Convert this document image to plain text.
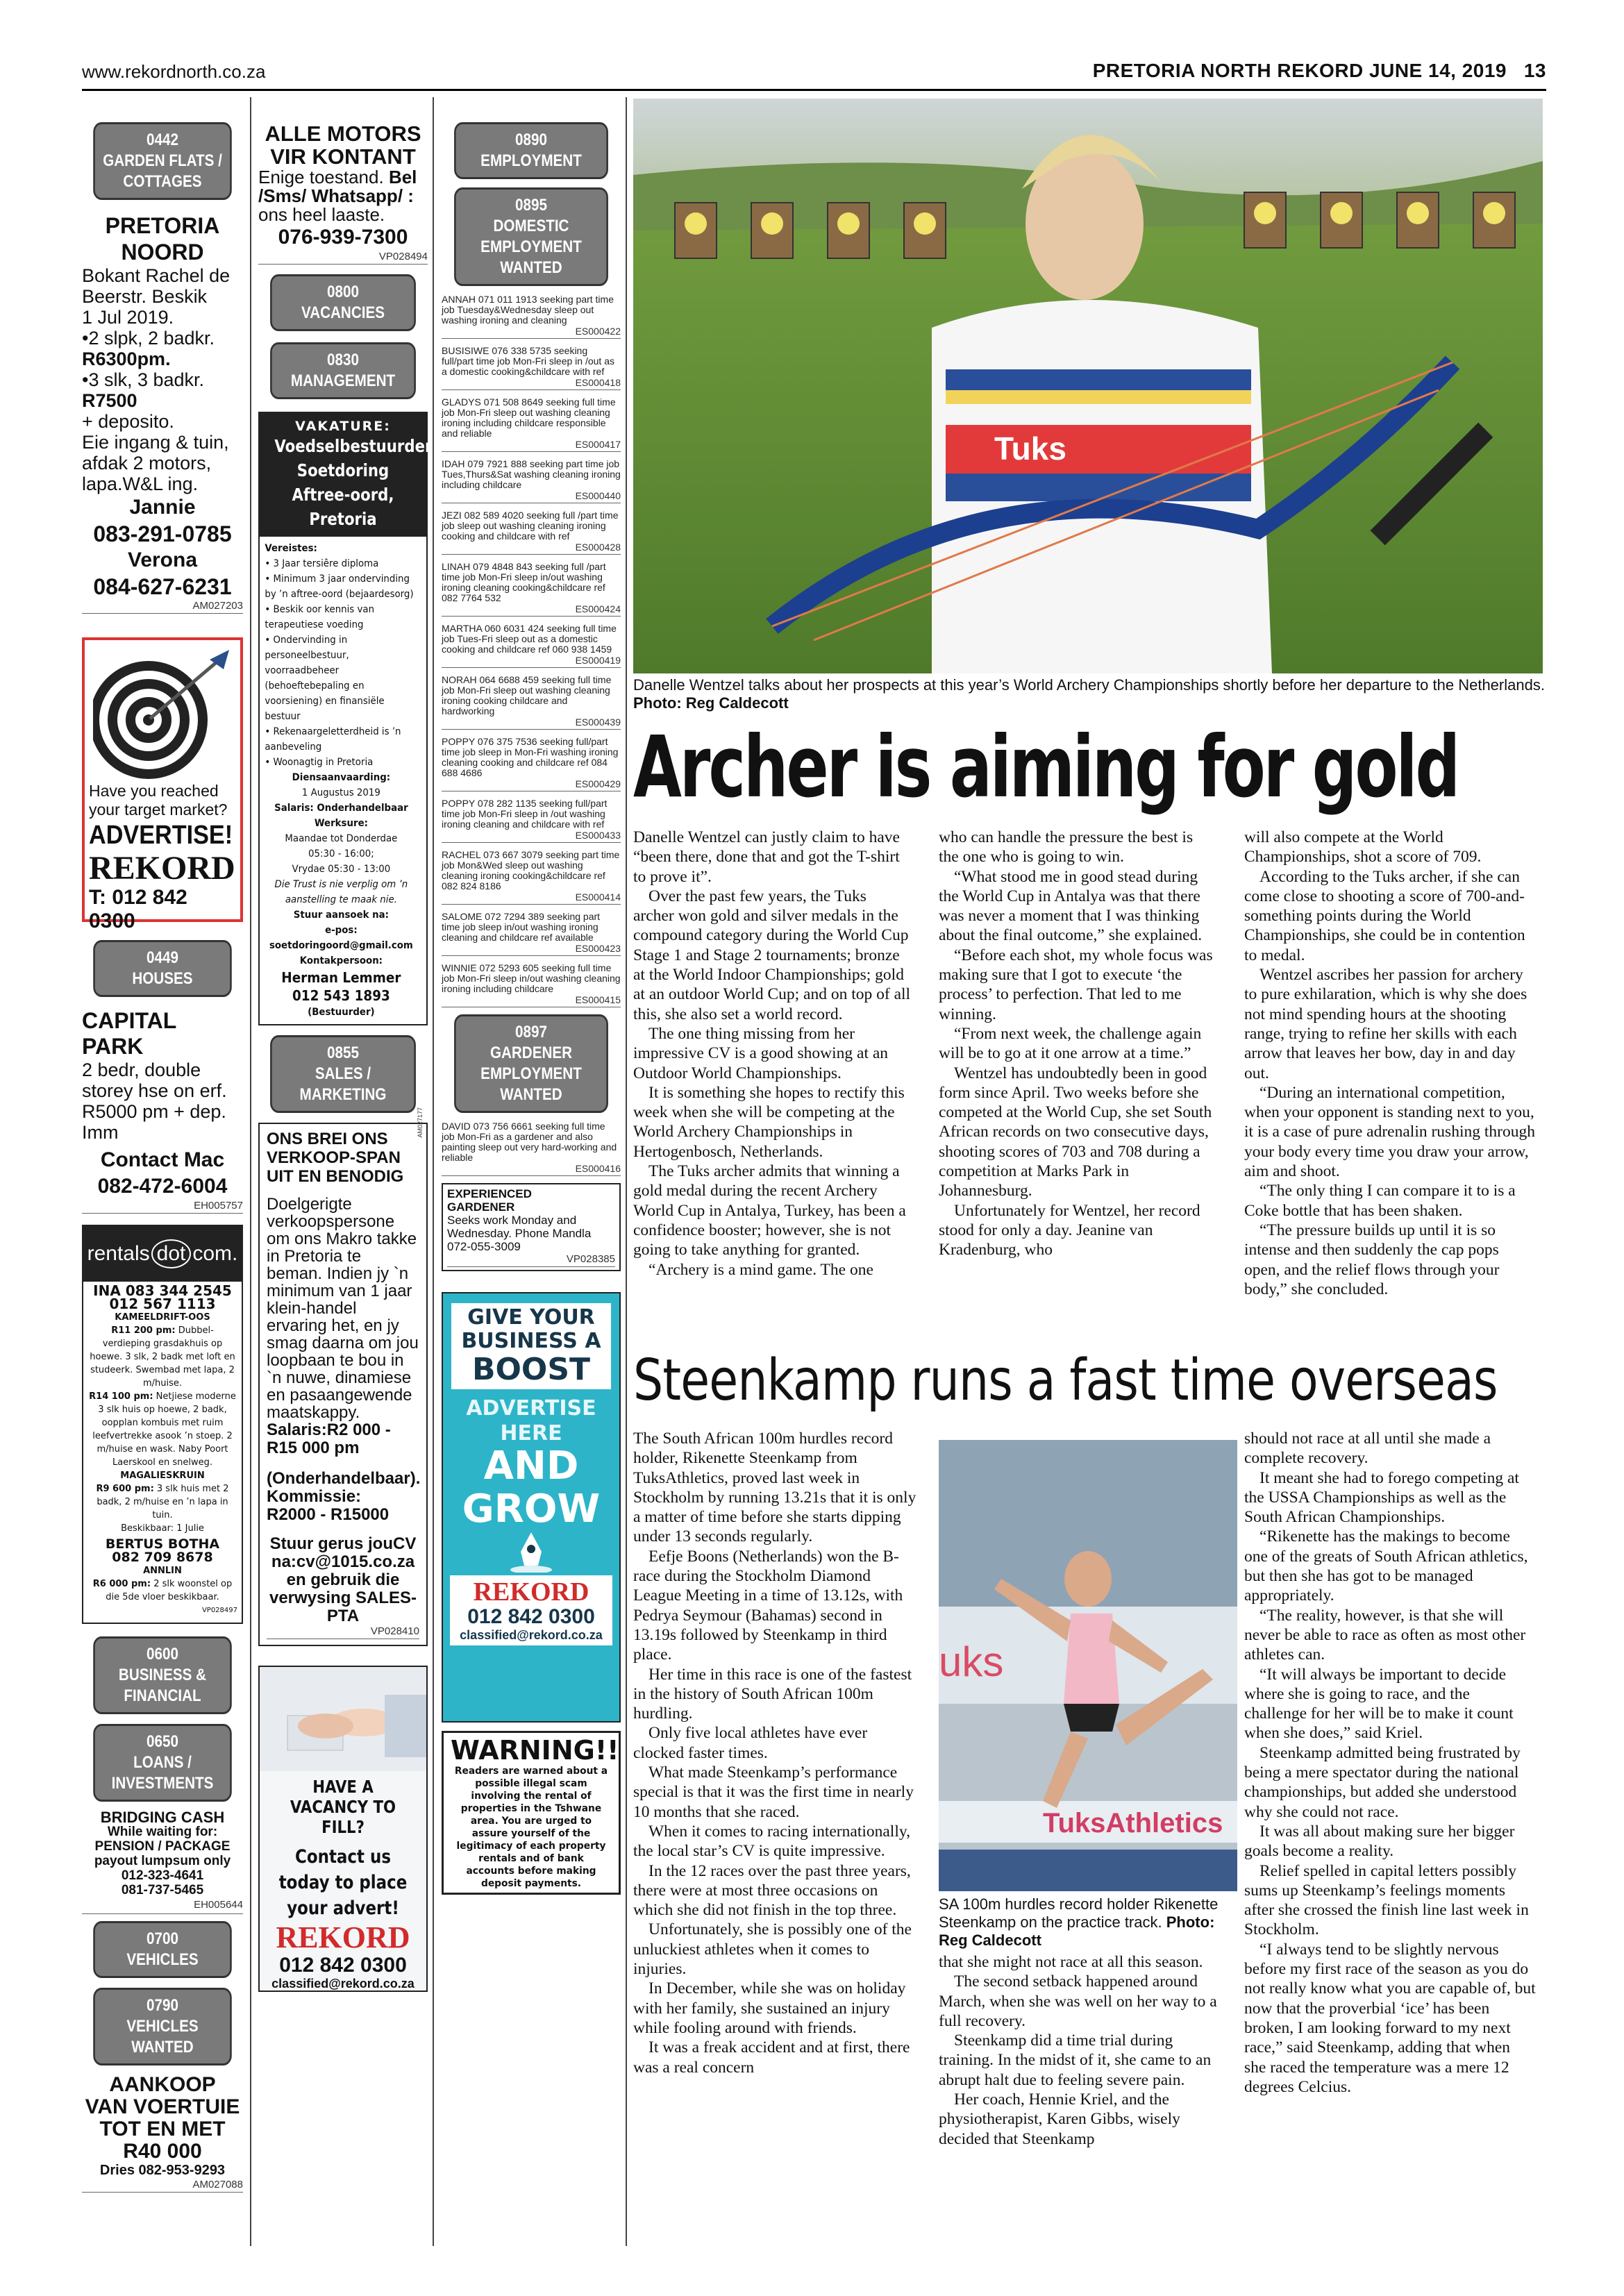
www.rekordnorth.co.za	PRETORIA NORTH REKORD JUNE 14, 2019 13
0442
GARDEN FLATS /
COTTAGES
PRETORIA
NOORD

Bokant Rachel de

Beerstr. Beskik

1 Jul 2019.

•2 slpk, 2 badkr.

R6300pm.

•3 slk, 3 badkr.

R7500

+ deposito.

Eie ingang & tuin,

afdak 2 motors,

lapa.W&L ing.

Jannie
083-291-0785
Verona
084-627-6231
AM027203
Have you reached
your target market?
ADVERTISE!
REKORD
T: 012 842 0300
0449
HOUSES
CAPITAL PARK

2 bedr, double

storey hse on erf.

R5000 pm + dep.

Imm

Contact Mac
082-472-6004
EH005757
rentals dot com.
INA 083 344 2545
012 567 1113
KAMEELDRIFT-OOS
R11 200 pm: Dubbel-verdieping grasdakhuis op hoewe. 3 slk, 2 badk met loft en studeerk. Swembad met lapa, 2 m/huise.
R14 100 pm: Netjiese moderne 3 slk huis op hoewe, 2 badk, oopplan kombuis met ruim leefvertrekke asook ’n stoep. 2 m/huise en wask. Naby Poort Laerskool en snelweg.
MAGALIESKRUIN
R9 600 pm: 3 slk huis met 2 badk, 2 m/huise en ’n lapa in tuin.
Beskikbaar: 1 Julie
BERTUS BOTHA
082 709 8678
ANNLIN
R6 000 pm: 2 slk woonstel op die 5de vloer beskikbaar.
VP028497
0600
BUSINESS &
FINANCIAL
0650
LOANS / INVESTMENTS
BRIDGING CASH
While waiting for:
PENSION / PACKAGE
payout lumpsum only
012-323-4641
081-737-5465
EH005644
0700
VEHICLES
0790
VEHICLES WANTED
AANKOOP
VAN VOERTUIE
TOT EN MET
R40 000
Dries 082-953-9293
AM027088
ALLE MOTORS
VIR KONTANT

Enige toestand. Bel

/Sms/ Whatsapp/ :

ons heel laaste.

076-939-7300
VP028494
0800
VACANCIES
0830
MANAGEMENT
VAKATURE:
Voedselbestuurder Soetdoring Aftree-oord, Pretoria
Vereistes:
• 3 Jaar tersiêre diploma
• Minimum 3 jaar ondervinding by ’n aftree-oord (bejaardesorg)
• Beskik oor kennis van terapeutiese voeding
• Ondervinding in personeelbestuur, voorraadbeheer (behoeftebepaling en voorsiening) en finansiële bestuur
• Rekenaargeletterdheid is ’n aanbeveling
• Woonagtig in Pretoria
Diensaanvaarding:
1 Augustus 2019
Salaris: Onderhandelbaar
Werksure:
Maandae tot Donderdae
05:30 - 16:00;
Vrydae 05:30 - 13:00
Die Trust is nie verplig om ’n aanstelling te maak nie.
Stuur aansoek na:
e-pos: soetdoringoord@gmail.com
Kontakpersoon:
Herman Lemmer
012 543 1893
(Bestuurder)
AM027177
0855
SALES / MARKETING
ONS BREI ONS VERKOOP-SPAN UIT EN BENODIG
Doelgerigte verkoopspersone om ons Makro takke in Pretoria te beman. Indien jy `n minimum van 1 jaar klein-handel ervaring het, en jy smag daarna om jou loopbaan te bou in `n nuwe, dinamiese en pasaangewende maatskappy.
Salaris:R2 000 - R15 000 pm
(Onderhandelbaar).
Kommissie:
R2000 - R15000
Stuur gerus jouCV na:cv@1015.co.za en gebruik die verwysing SALES-PTA
VP028410
HAVE A VACANCY TO FILL?
Contact us today to place your advert!
REKORD
012 842 0300
classified@rekord.co.za
0890
EMPLOYMENT
0895
DOMESTIC
EMPLOYMENT
WANTED

ANNAH 071 011 1913 seeking part time job Tuesday&Wednesday sleep out washing ironing and cleaning

ES000422

BUSISIWE 076 338 5735 seeking full/part time job Mon-Fri sleep in /out as a domestic cooking&childcare with ref

ES000418

GLADYS 071 508 8649 seeking full time job Mon-Fri sleep out washing cleaning ironing including childcare responsible and reliable

ES000417

IDAH 079 7921 888 seeking part time job Tues,Thurs&Sat washing cleaning ironing including childcare

ES000440

JEZI 082 589 4020 seeking full /part time job sleep out washing cleaning ironing cooking and childcare with ref

ES000428

LINAH 079 4848 843 seeking full /part time job Mon-Fri sleep in/out washing ironing cleaning cooking&childcare ref 082 7764 532

ES000424

MARTHA 060 6031 424 seeking full time job Tues-Fri sleep out as a domestic cooking and childcare ref 060 938 1459

ES000419

NORAH 064 6688 459 seeking full time job Mon-Fri sleep out washing cleaning ironing cooking childcare and hardworking

ES000439

POPPY 076 375 7536 seeking full/part time job sleep in Mon-Fri washing ironing cleaning cooking and childcare ref 084 688 4686

ES000429

POPPY 078 282 1135 seeking full/part time job Mon-Fri sleep in /out washing ironing cleaning and childcare with ref

ES000433

RACHEL 073 667 3079 seeking part time job Mon&Wed sleep out washing cleaning ironing cooking&childcare ref 082 824 8186

ES000414

SALOME 072 7294 389 seeking part time job sleep in/out washing ironing cleaning and childcare ref available

ES000423

WINNIE 072 5293 605 seeking full time job Mon-Fri sleep in/out washing cleaning ironing including childcare

ES000415
0897
GARDENER
EMPLOYMENT
WANTED

DAVID 073 756 6661 seeking full time job Mon-Fri as a gardener and also painting sleep out very hard-working and reliable

ES000416
EXPERIENCED
GARDENER
Seeks work Monday and Wednesday. Phone Mandla 072-055-3009
VP028385
GIVE YOUR
BUSINESS A
BOOST
ADVERTISE
HERE
AND
GROW
REKORD
012 842 0300
classified@rekord.co.za
WARNING!!
Readers are warned about a possible illegal scam involving the rental of properties in the Tshwane area. You are urged to assure yourself of the legitimacy of each property rentals and of bank accounts before making deposit payments.
Tuks
Danelle Wentzel talks about her prospects at this year’s World Archery Championships shortly before her departure to the Netherlands. Photo: Reg Caldecott
Archer is aiming for gold

Danelle Wentzel can justly claim to have “been there, done that and got the T-shirt to prove it”.

Over the past few years, the Tuks archer won gold and silver medals in the compound category during the World Cup Stage 1 and Stage 2 tournaments; bronze at the World Indoor Championships; gold at an outdoor World Cup; and on top of all this, she also set a world record.

The one thing missing from her impressive CV is a good showing at an Outdoor World Championships.

It is something she hopes to rectify this week when she will be competing at the World Archery Championships in Hertogenbosch, Netherlands.

The Tuks archer admits that winning a gold medal during the recent Archery World Cup in Antalya, Turkey, has been a confidence booster; however, she is not going to take anything for granted.

“Archery is a mind game. The one

who can handle the pressure the best is the one who is going to win.

“What stood me in good stead during the World Cup in Antalya was that there was never a moment that I was thinking about the final outcome,” she explained.

“Before each shot, my whole focus was making sure that I got to execute ‘the process’ to perfection. That led to me winning.

“From next week, the challenge again will be to go at it one arrow at a time.”

Wentzel has undoubtedly been in good form since April. Two weeks before she competed at the World Cup, she set South African records on two consecutive days, shooting scores of 703 and 708 during a competition at Marks Park in Johannesburg.

Unfortunately for Wentzel, her record stood for only a day. Jeanine van Kradenburg, who

will also compete at the World Championships, shot a score of 709.

According to the Tuks archer, if she can come close to shooting a score of 700-and-something points during the World Championships, she could be in contention to medal.

Wentzel ascribes her passion for archery to pure exhilaration, which is why she does not mind spending hours at the shooting range, trying to refine her skills with each arrow that leaves her bow, day in and day out.

“During an international competition, when your opponent is standing next to you, it is a case of pure adrenalin rushing through your body every time you draw your arrow, aim and shoot.

“The only thing I can compare it to is a Coke bottle that has been shaken.

“The pressure builds up until it is so intense and then suddenly the cap pops open, and the relief flows through your body,” she concluded.

Steenkamp runs a fast time overseas

The South African 100m hurdles record holder, Rikenette Steenkamp from TuksAthletics, proved last week in Stockholm by running 13.21s that it is only a matter of time before she starts dipping under 13 seconds regularly.

Eefje Boons (Netherlands) won the B-race during the Stockholm Diamond League Meeting in a time of 13.12s, with Pedrya Seymour (Bahamas) second in 13.19s followed by Steenkamp in third place.

Her time in this race is one of the fastest in the history of South African 100m hurdling.

Only five local athletes have ever clocked faster times.

What made Steenkamp’s performance special is that it was the first time in nearly 10 months that she raced.

When it comes to racing internationally, the local star’s CV is quite impressive.

In the 12 races over the past three years, there were at most three occasions on which she did not finish in the top three.

Unfortunately, she is possibly one of the unluckiest athletes when it comes to injuries.

In December, while she was on holiday with her family, she sustained an injury while fooling around with friends.

It was a freak accident and at first, there was a real concern

uks
TuksAthletics
SA 100m hurdles record holder Rikenette Steenkamp on the practice track. Photo: Reg Caldecott

that she might not race at all this season.

The second setback happened around March, when she was well on her way to a full recovery.

Steenkamp did a time trial during training. In the midst of it, she came to an abrupt halt due to feeling severe pain.

Her coach, Hennie Kriel, and the physiotherapist, Karen Gibbs, wisely decided that Steenkamp

should not race at all until she made a complete recovery.

It meant she had to forego competing at the USSA Championships as well as the South African Championships.

“Rikenette has the makings to become one of the greats of South African athletics, but then she has got to be managed appropriately.

“The reality, however, is that she will never be able to race as often as most other athletes can.

“It will always be important to decide where she is going to race, and the challenge for her will be to make it count when she does,” said Kriel.

Steenkamp admitted being frustrated by being a mere spectator during the national championships, but added she understood why she could not race.

It was all about making sure her bigger goals become a reality.

Relief spelled in capital letters possibly sums up Steenkamp’s feelings moments after she crossed the finish line last week in Stockholm.

“I always tend to be slightly nervous before my first race of the season as you do not really know what you are capable of, but now that the proverbial ‘ice’ has been broken, I am looking forward to my next race,” said Steenkamp, adding that when she raced the temperature was a mere 12 degrees Celcius.
